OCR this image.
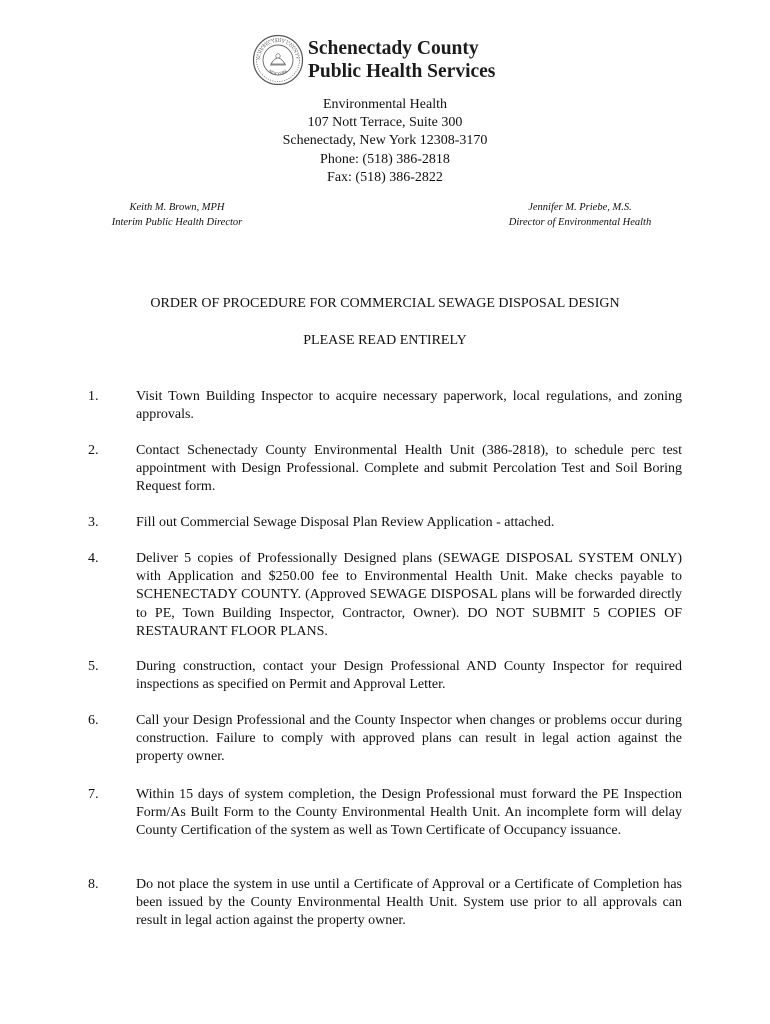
SCHENECTADY COUNTY
NEW YORK
Schenectady County
Public Health Services
Environmental Health
107 Nott Terrace, Suite 300
Schenectady, New York 12308-3170
Phone: (518) 386-2818
Fax: (518) 386-2822
Keith M. Brown, MPH
Interim Public Health Director
Jennifer M. Priebe, M.S.
Director of Environmental Health
ORDER OF PROCEDURE FOR COMMERCIAL SEWAGE DISPOSAL DESIGN
PLEASE READ ENTIRELY
1.	Visit Town Building Inspector to acquire necessary paperwork, local regulations, and zoning approvals.
2.	Contact Schenectady County Environmental Health Unit (386-2818), to schedule perc test appointment with Design Professional. Complete and submit Percolation Test and Soil Boring Request form.
3.	Fill out Commercial Sewage Disposal Plan Review Application - attached.
4.	Deliver 5 copies of Professionally Designed plans (SEWAGE DISPOSAL SYSTEM ONLY) with Application and $250.00 fee to Environmental Health Unit. Make checks payable to SCHENECTADY COUNTY. (Approved SEWAGE DISPOSAL plans will be forwarded directly to PE, Town Building Inspector, Contractor, Owner). DO NOT SUBMIT 5 COPIES OF RESTAURANT FLOOR PLANS.
5.	During construction, contact your Design Professional AND County Inspector for required inspections as specified on Permit and Approval Letter.
6.	Call your Design Professional and the County Inspector when changes or problems occur during construction. Failure to comply with approved plans can result in legal action against the property owner.
7.	Within 15 days of system completion, the Design Professional must forward the PE Inspection Form/As Built Form to the County Environmental Health Unit. An incomplete form will delay County Certification of the system as well as Town Certificate of Occupancy issuance.
8.	Do not place the system in use until a Certificate of Approval or a Certificate of Completion has been issued by the County Environmental Health Unit. System use prior to all approvals can result in legal action against the property owner.
